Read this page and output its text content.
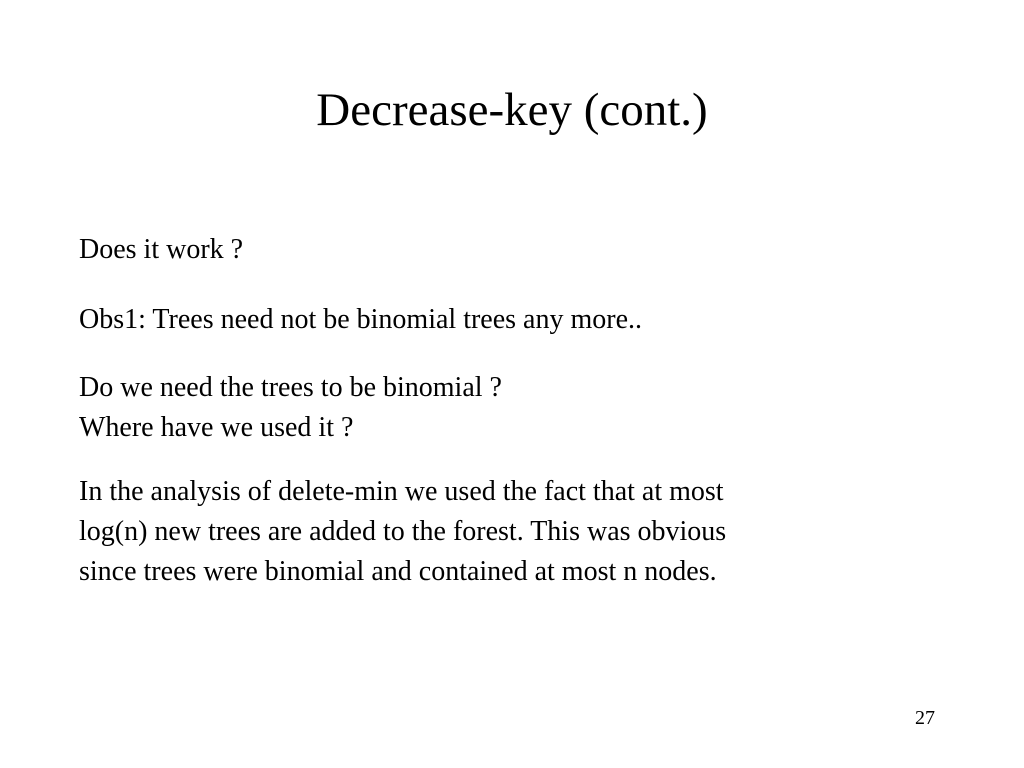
Decrease-key (cont.)
Does it work ?
Obs1: Trees need not be binomial trees any more..
Do we need the trees to be binomial ?
Where have we used it ?
In the analysis of delete-min we used the fact that at most
log(n) new trees are added to the forest. This was obvious
since trees were binomial and contained at most n nodes.
27
